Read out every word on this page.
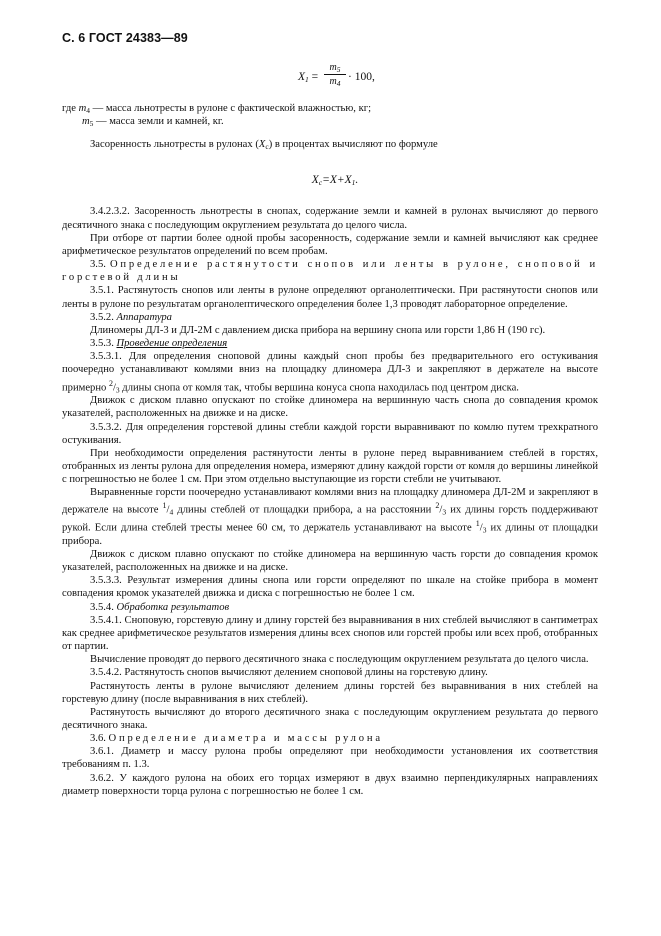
С. 6 ГОСТ 24383—89
$X_1$ =
$m_5$
$m_4$
· 100,
где $m_4$ — масса льнотресты в рулоне с фактической влажностью, кг;
$m_5$ — масса земли и камней, кг.

Засоренность льнотресты в рулонах $(X_c)$ в процентах вычисляют по формуле

$X_c=X+X_1$.

3.4.2.3.2. Засоренность льнотресты в снопах, содержание земли и камней в рулонах вычисляют до первого десятичного знака с последующим округлением результата до целого числа.

При отборе от партии более одной пробы засоренность, содержание земли и камней вычисляют как среднее арифметическое результатов определений по всем пробам.

3.5. Определение растянутости снопов или ленты в рулоне, сноповой и горстевой длины

3.5.1. Растянутость снопов или ленты в рулоне определяют органолептически. При растянутости снопов или ленты в рулоне по результатам органолептического определения более 1,3 проводят лабораторное определение.

3.5.2. Аппаратура

Длиномеры ДЛ-3 и ДЛ-2М с давлением диска прибора на вершину снопа или горсти 1,86 Н (190 гс).

3.5.3. Проведение определения

3.5.3.1. Для определения сноповой длины каждый сноп пробы без предварительного его остукивания поочередно устанавливают комлями вниз на площадку длиномера ДЛ-3 и закрепляют в держателе на высоте примерно $^2/_3$ длины снопа от комля так, чтобы вершина конуса снопа находилась под центром диска.

Движок с диском плавно опускают по стойке длиномера на вершинную часть снопа до совпадения кромок указателей, расположенных на движке и на диске.

3.5.3.2. Для определения горстевой длины стебли каждой горсти выравнивают по комлю путем трехкратного остукивания.

При необходимости определения растянутости ленты в рулоне перед выравниванием стеблей в горстях, отобранных из ленты рулона для определения номера, измеряют длину каждой горсти от комля до вершины линейкой с погрешностью не более 1 см. При этом отдельно выступающие из горсти стебли не учитывают.

Выравненные горсти поочередно устанавливают комлями вниз на площадку длиномера ДЛ-2М и закрепляют в держателе на высоте $^1/_4$ длины стеблей от площадки прибора, а на расстоянии $^2/_3$ их длины горсть поддерживают рукой. Если длина стеблей тресты менее 60 см, то держатель устанавливают на высоте $^1/_3$ их длины от площадки прибора.

Движок с диском плавно опускают по стойке длиномера на вершинную часть горсти до совпадения кромок указателей, расположенных на движке и на диске.

3.5.3.3. Результат измерения длины снопа или горсти определяют по шкале на стойке прибора в момент совпадения кромок указателей движка и диска с погрешностью не более 1 см.

3.5.4. Обработка результатов

3.5.4.1. Сноповую, горстевую длину и длину горстей без выравнивания в них стеблей вычисляют в сантиметрах как среднее арифметическое результатов измерения длины всех снопов или горстей пробы или всех проб, отобранных от партии.

Вычисление проводят до первого десятичного знака с последующим округлением результата до целого числа.

3.5.4.2. Растянутость снопов вычисляют делением сноповой длины на горстевую длину.

Растянутость ленты в рулоне вычисляют делением длины горстей без выравнивания в них стеблей на горстевую длину (после выравнивания в них стеблей).

Растянутость вычисляют до второго десятичного знака с последующим округлением результата до первого десятичного знака.

3.6. Определение диаметра и массы рулона

3.6.1. Диаметр и массу рулона пробы определяют при необходимости установления их соответствия требованиям п. 1.3.

3.6.2. У каждого рулона на обоих его торцах измеряют в двух взаимно перпендикулярных направлениях диаметр поверхности торца рулона с погрешностью не более 1 см.
